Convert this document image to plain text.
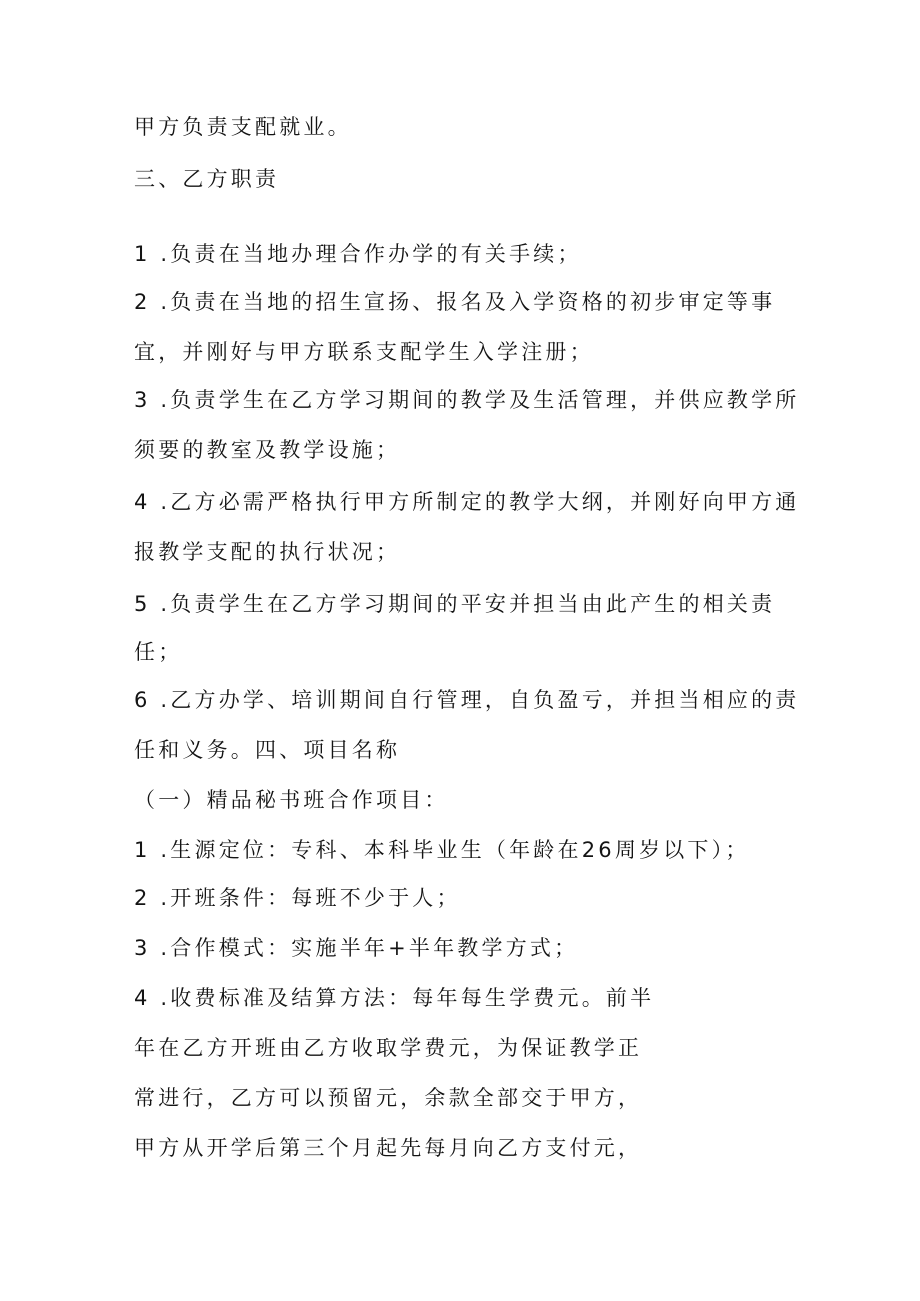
甲方负责支配就业。

三、乙方职责

1 .负责在当地办理合作办学的有关手续；

2 .负责在当地的招生宣扬、报名及入学资格的初步审定等事

宜，并刚好与甲方联系支配学生入学注册；

3 .负责学生在乙方学习期间的教学及生活管理，并供应教学所

须要的教室及教学设施；

4 .乙方必需严格执行甲方所制定的教学大纲，并刚好向甲方通

报教学支配的执行状况；

5 .负责学生在乙方学习期间的平安并担当由此产生的相关责

任；

6 .乙方办学、培训期间自行管理，自负盈亏，并担当相应的责

任和义务。四、项目名称

（一）精品秘书班合作项目：

1 .生源定位：专科、本科毕业生（年龄在26周岁以下）；

2 .开班条件：每班不少于人；

3 .合作模式：实施半年+半年教学方式；

4 .收费标准及结算方法：每年每生学费元。前半

年在乙方开班由乙方收取学费元，为保证教学正

常进行，乙方可以预留元，余款全部交于甲方，

甲方从开学后第三个月起先每月向乙方支付元，
